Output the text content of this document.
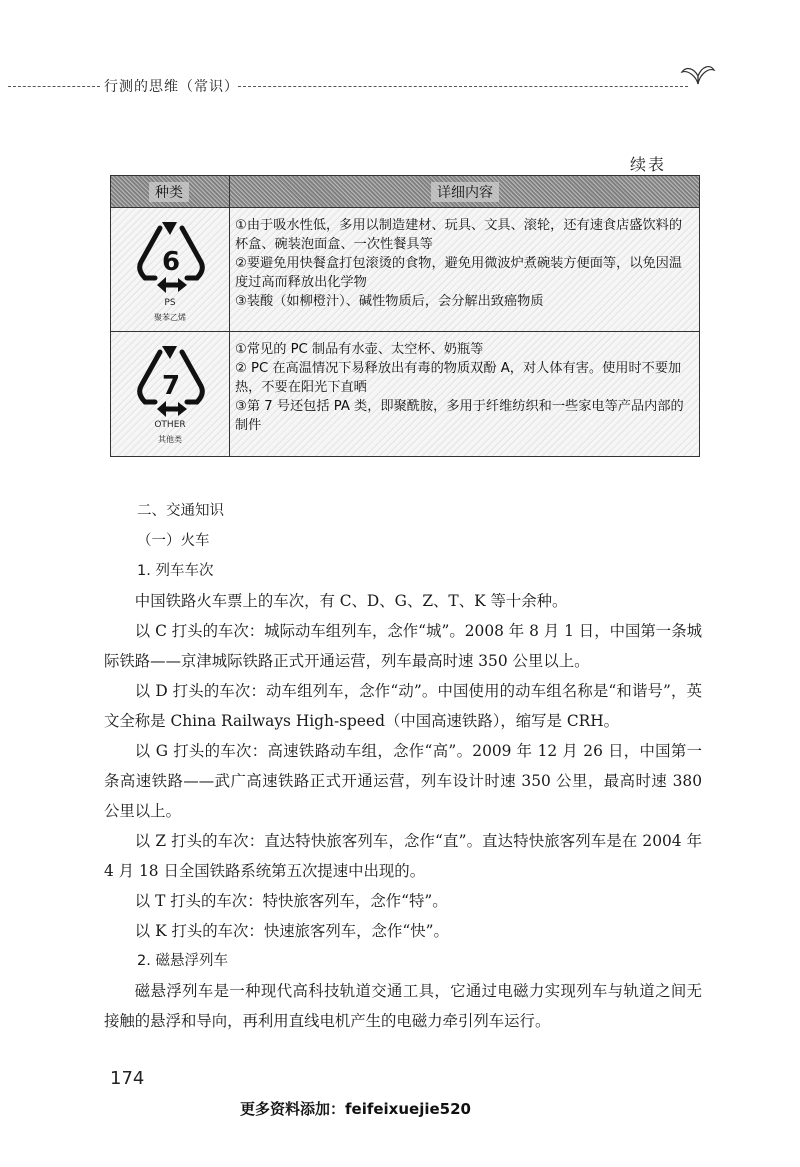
行测的思维（常识）
续表
种类	详细内容
6
PS
聚苯乙烯

①由于吸水性低，多用以制造建材、玩具、文具、滚轮，还有速食店盛饮料的杯盒、碗装泡面盒、一次性餐具等

②要避免用快餐盒打包滚烫的食物，避免用微波炉煮碗装方便面等，以免因温度过高而释放出化学物

③装酸（如柳橙汁）、碱性物质后，会分解出致癌物质

7
OTHER
其他类

①常见的 PC 制品有水壶、太空杯、奶瓶等

② PC 在高温情况下易释放出有毒的物质双酚 A，对人体有害。使用时不要加热，不要在阳光下直晒

③第 7 号还包括 PA 类，即聚酰胺，多用于纤维纺织和一些家电等产品内部的制件

二、交通知识

（一）火车

1. 列车车次

中国铁路火车票上的车次，有 C、D、G、Z、T、K 等十余种。

以 C 打头的车次：城际动车组列车，念作“城”。2008 年 8 月 1 日，中国第一条城际铁路——京津城际铁路正式开通运营，列车最高时速 350 公里以上。

以 D 打头的车次：动车组列车，念作“动”。中国使用的动车组名称是“和谐号”，英文全称是 China Railways High-speed（中国高速铁路），缩写是 CRH。

以 G 打头的车次：高速铁路动车组，念作“高”。2009 年 12 月 26 日，中国第一条高速铁路——武广高速铁路正式开通运营，列车设计时速 350 公里，最高时速 380 公里以上。

以 Z 打头的车次：直达特快旅客列车，念作“直”。直达特快旅客列车是在 2004 年 4 月 18 日全国铁路系统第五次提速中出现的。

以 T 打头的车次：特快旅客列车，念作“特”。

以 K 打头的车次：快速旅客列车，念作“快”。

2. 磁悬浮列车

磁悬浮列车是一种现代高科技轨道交通工具，它通过电磁力实现列车与轨道之间无接触的悬浮和导向，再利用直线电机产生的电磁力牵引列车运行。

174
更多资料添加：feifeixuejie520
